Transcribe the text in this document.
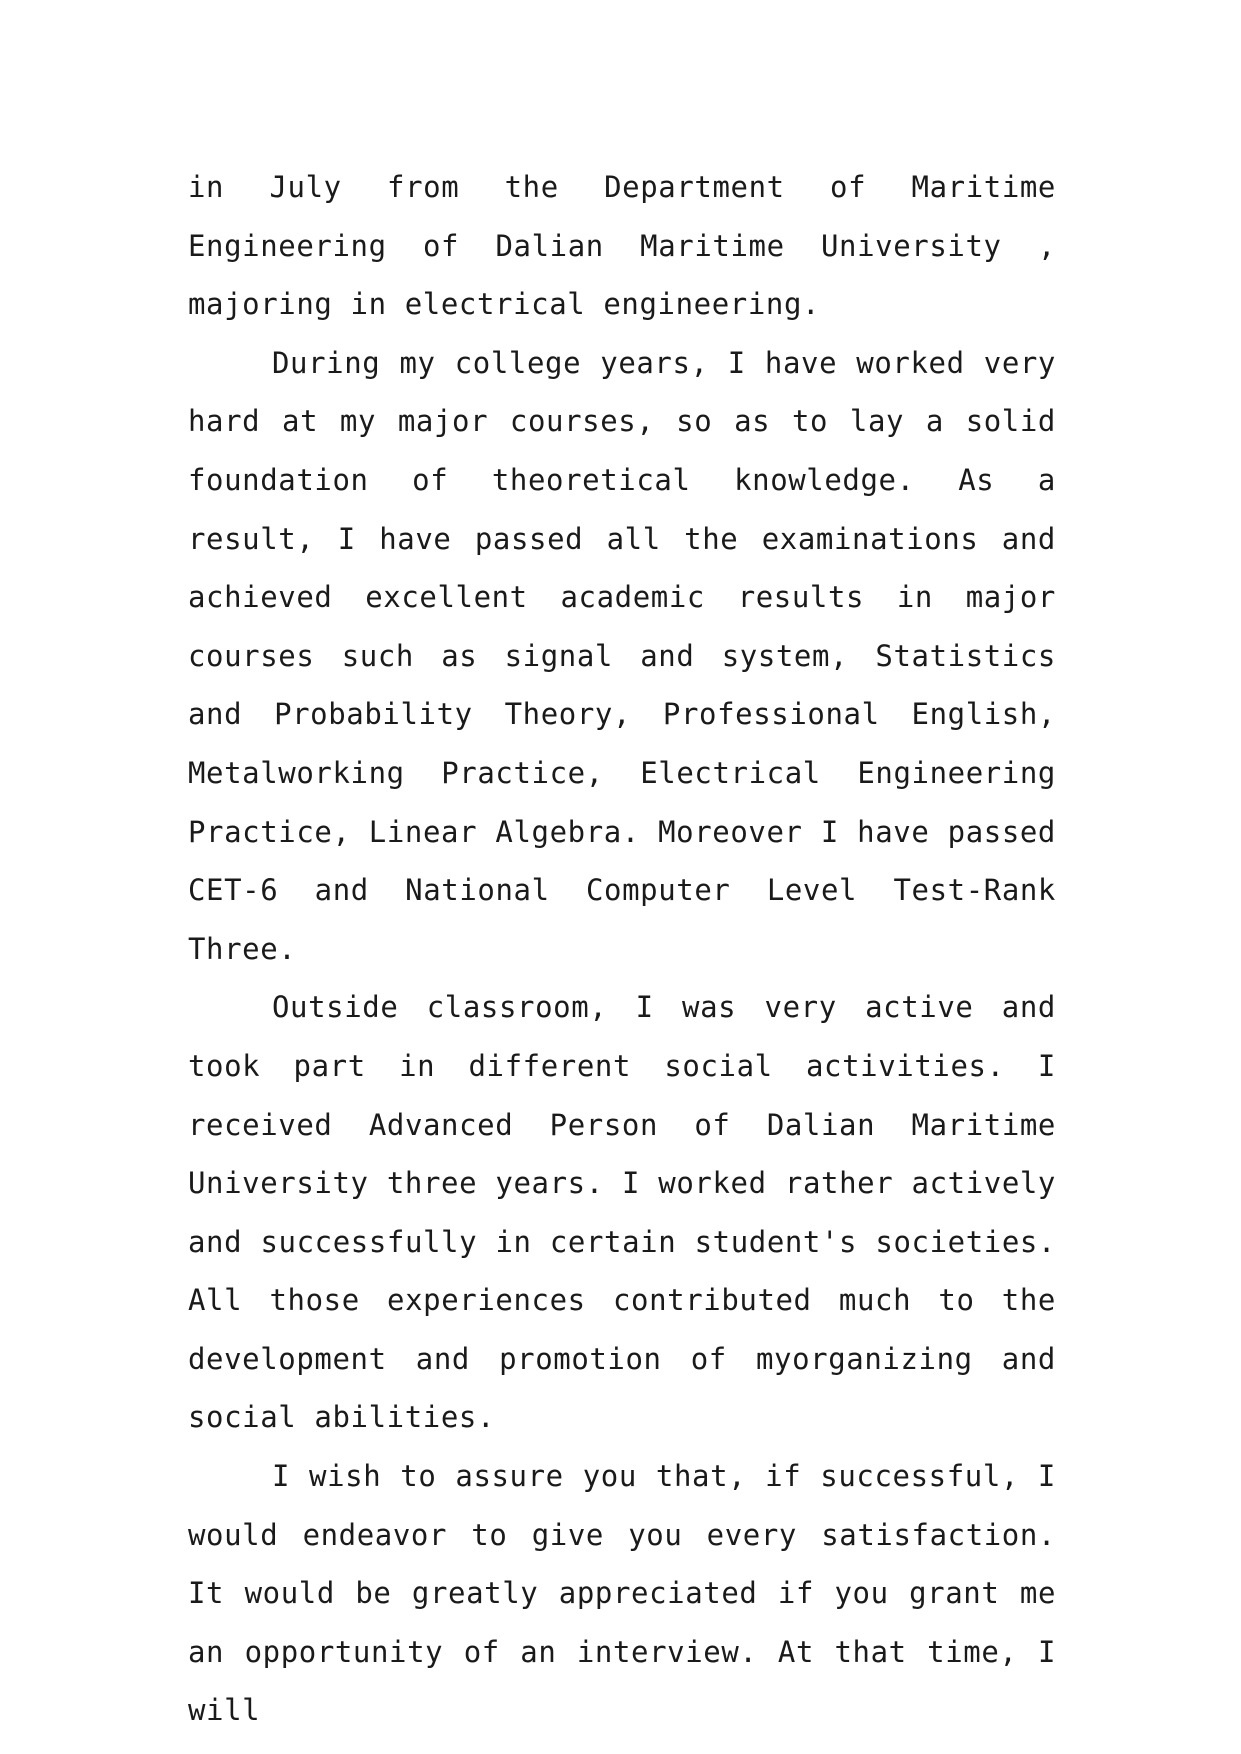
in July from the Department of Maritime Engineering of Dalian Maritime University , majoring in electrical engineering.

During my college years, I have worked very hard at my major courses, so as to lay a solid foundation of theoretical knowledge. As a result, I have passed all the examinations and achieved excellent academic results in major courses such as signal and system, Statistics and Probability Theory, Professional English, Metalworking Practice, Electrical Engineering Practice, Linear Algebra. Moreover I have passed CET-6 and National Computer Level Test-Rank Three.

Outside classroom, I was very active and took part in different social activities. I received Advanced Person of Dalian Maritime University three years. I worked rather actively and successfully in certain student's societies. All those experiences contributed much to the development and promotion of myorganizing and social abilities.

I wish to assure you that, if successful, I would endeavor to give you every satisfaction. It would be greatly appreciated if you grant me an opportunity of an interview. At that time, I will
